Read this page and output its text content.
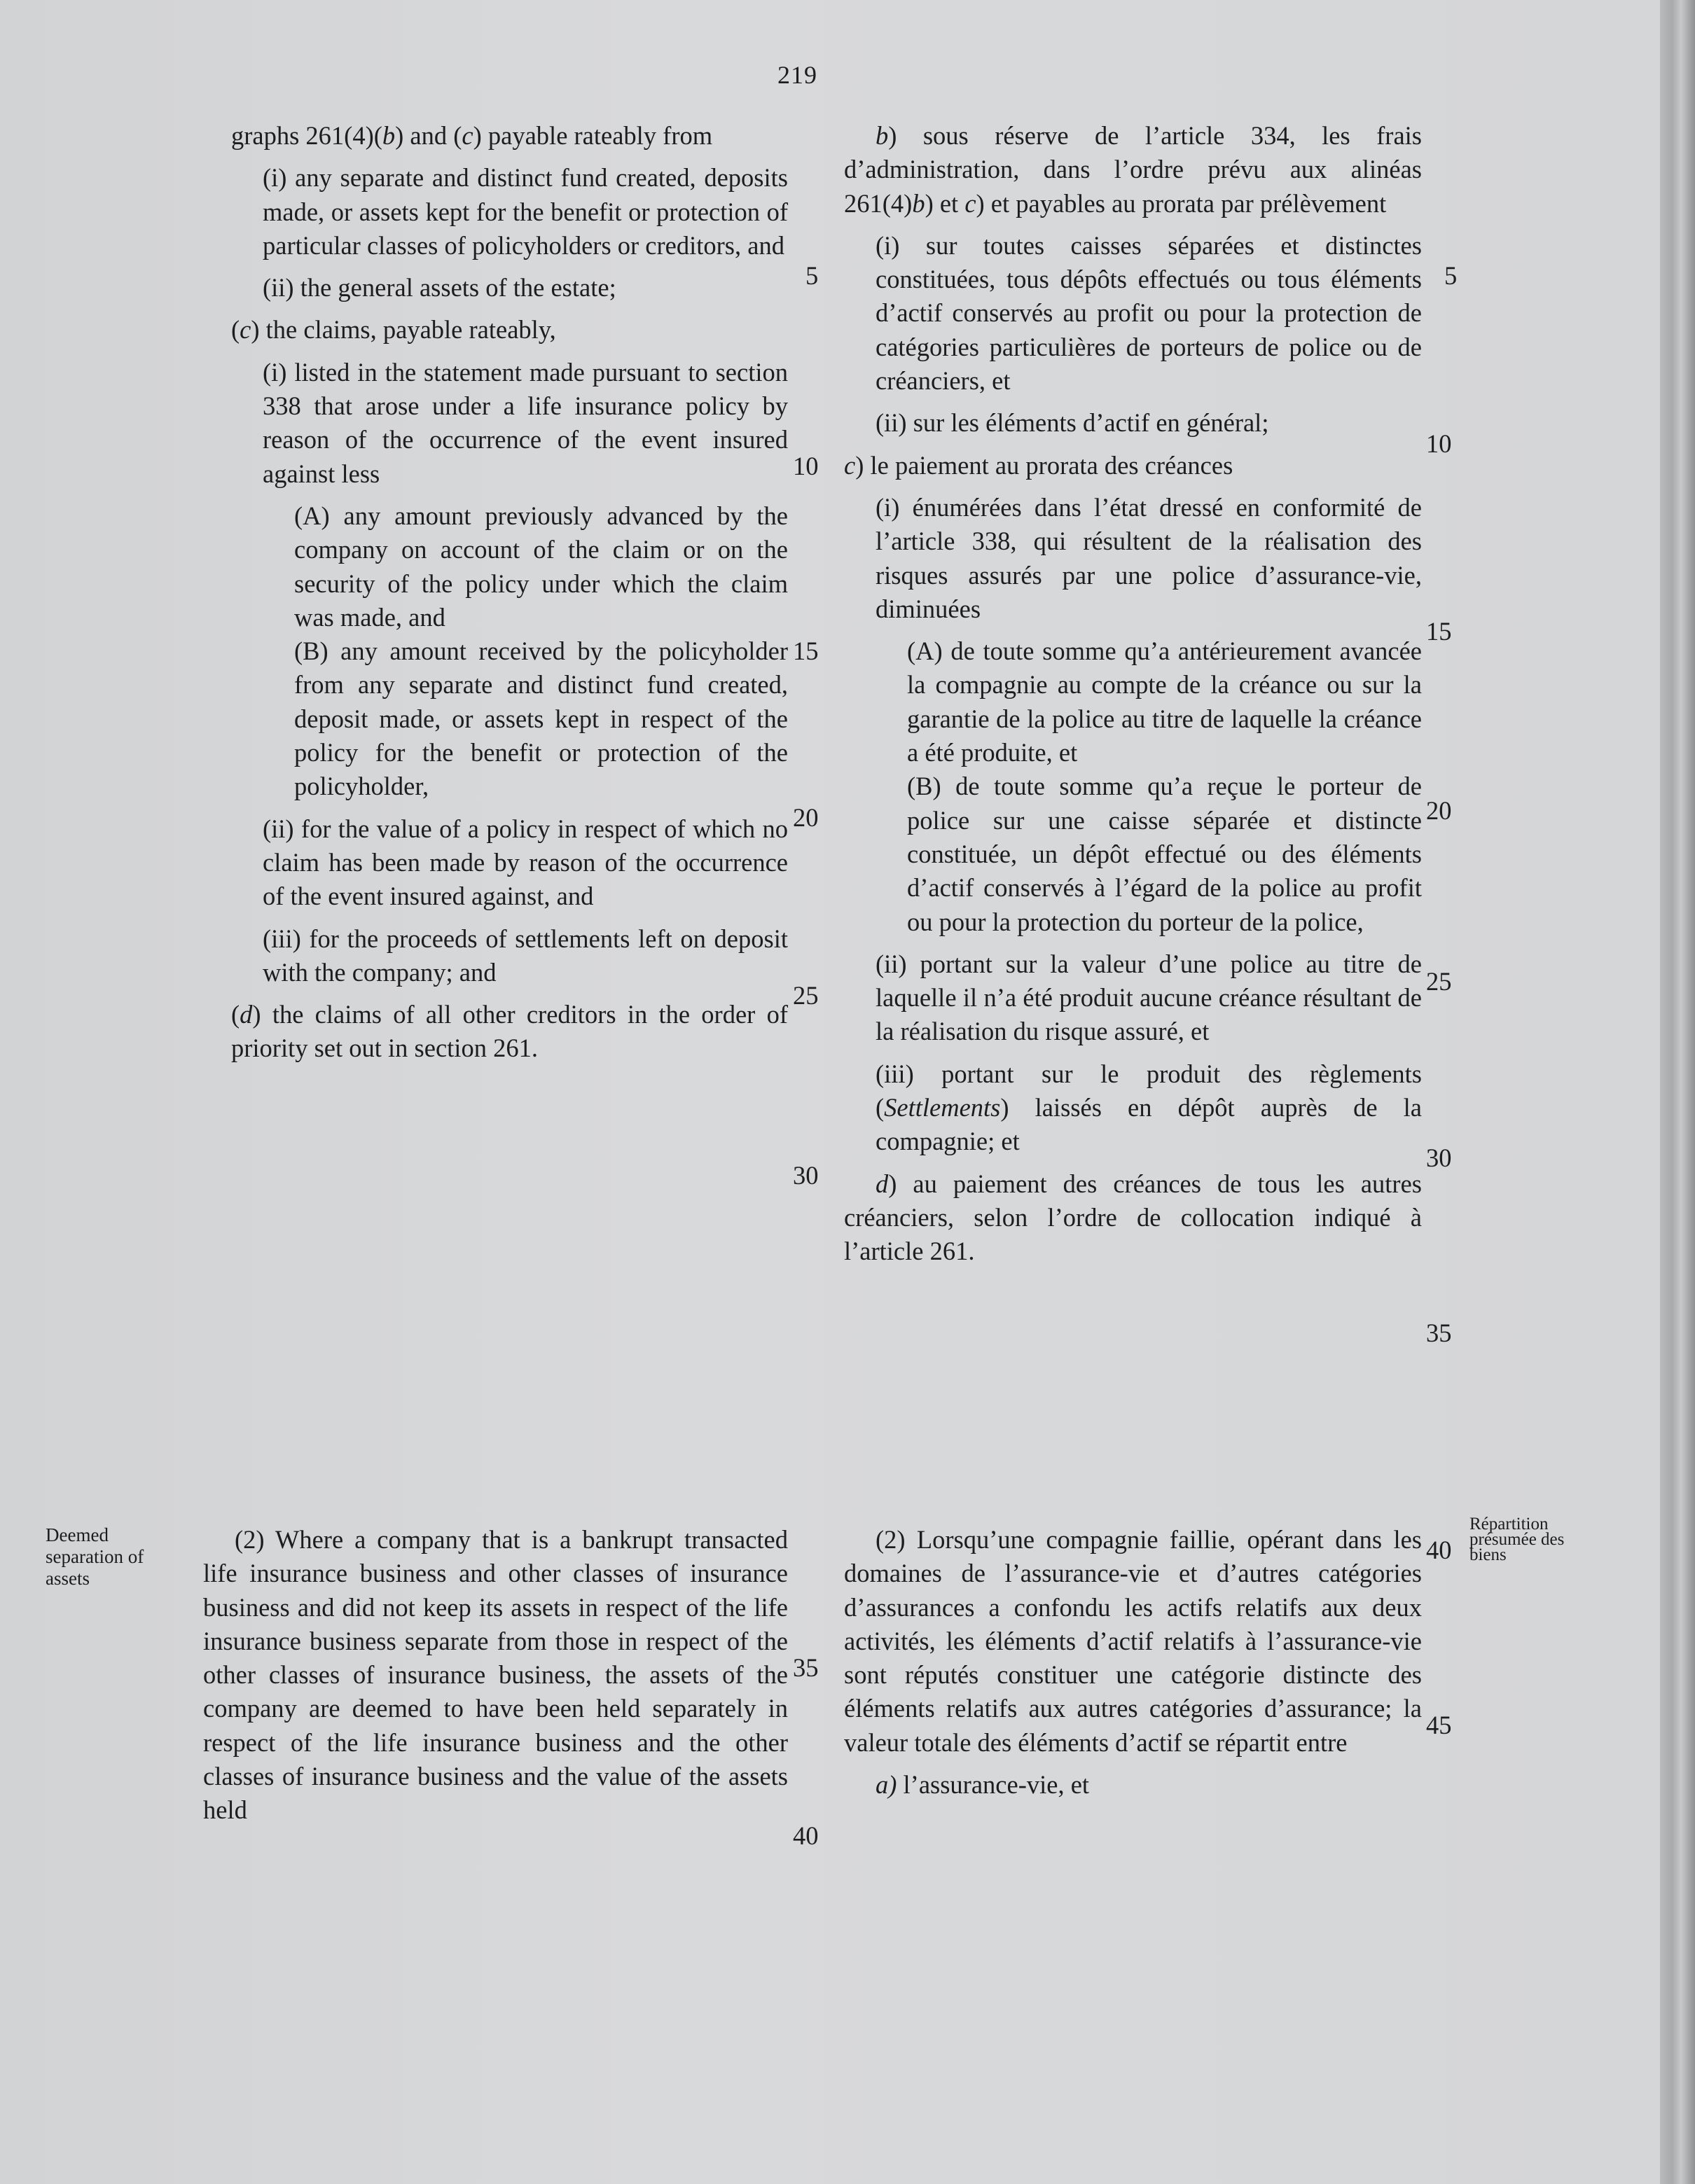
219
graphs 261(4)(b) and (c) payable rateably from
(i) any separate and distinct fund created, deposits made, or assets kept for the benefit or protection of particular classes of policyholders or creditors, and
(ii) the general assets of the estate;
(c) the claims, payable rateably,
(i) listed in the statement made pursuant to section 338 that arose under a life insurance policy by reason of the occurrence of the event insured against less
(A) any amount previously advanced by the company on account of the claim or on the security of the policy under which the claim was made, and
(B) any amount received by the policyholder from any separate and distinct fund created, deposit made, or assets kept in respect of the policy for the benefit or protection of the policyholder,
(ii) for the value of a policy in respect of which no claim has been made by reason of the occurrence of the event insured against, and
(iii) for the proceeds of settlements left on deposit with the company; and
(d) the claims of all other creditors in the order of priority set out in section 261.
b) sous réserve de l’article 334, les frais d’administration, dans l’ordre prévu aux alinéas 261(4)b) et c) et payables au prorata par prélèvement
(i) sur toutes caisses séparées et distinctes constituées, tous dépôts effectués ou tous éléments d’actif conservés au profit ou pour la protection de catégories particulières de porteurs de police ou de créanciers, et
(ii) sur les éléments d’actif en général;
c) le paiement au prorata des créances
(i) énumérées dans l’état dressé en conformité de l’article 338, qui résultent de la réalisation des risques assurés par une police d’assurance-vie, diminuées
(A) de toute somme qu’a antérieurement avancée la compagnie au compte de la créance ou sur la garantie de la police au titre de laquelle la créance a été produite, et
(B) de toute somme qu’a reçue le porteur de police sur une caisse séparée et distincte constituée, un dépôt effectué ou des éléments d’actif conservés à l’égard de la police au profit ou pour la protection du porteur de la police,
(ii) portant sur la valeur d’une police au titre de laquelle il n’a été produit aucune créance résultant de la réalisation du risque assuré, et
(iii) portant sur le produit des règlements (Settlements) laissés en dépôt auprès de la compagnie; et
d) au paiement des créances de tous les autres créanciers, selon l’ordre de collocation indiqué à l’article 261.
Deemed separation of assets
(2) Where a company that is a bankrupt transacted life insurance business and other classes of insurance business and did not keep its assets in respect of the life insurance business separate from those in respect of the other classes of insurance business, the assets of the company are deemed to have been held separately in respect of the life insurance business and the other classes of insurance business and the value of the assets held
(2) Lorsqu’une compagnie faillie, opérant dans les domaines de l’assurance-vie et d’autres catégories d’assurances a confondu les actifs relatifs aux deux activités, les éléments d’actif relatifs à l’assurance-vie sont réputés constituer une catégorie distincte des éléments relatifs aux autres catégories d’assurance; la valeur totale des éléments d’actif se répartit entre
a) l’assurance-vie, et
Répartition présumée des biens
5
10
15
20
25
30
35
40
5
10
15
20
25
30
35
40
45
